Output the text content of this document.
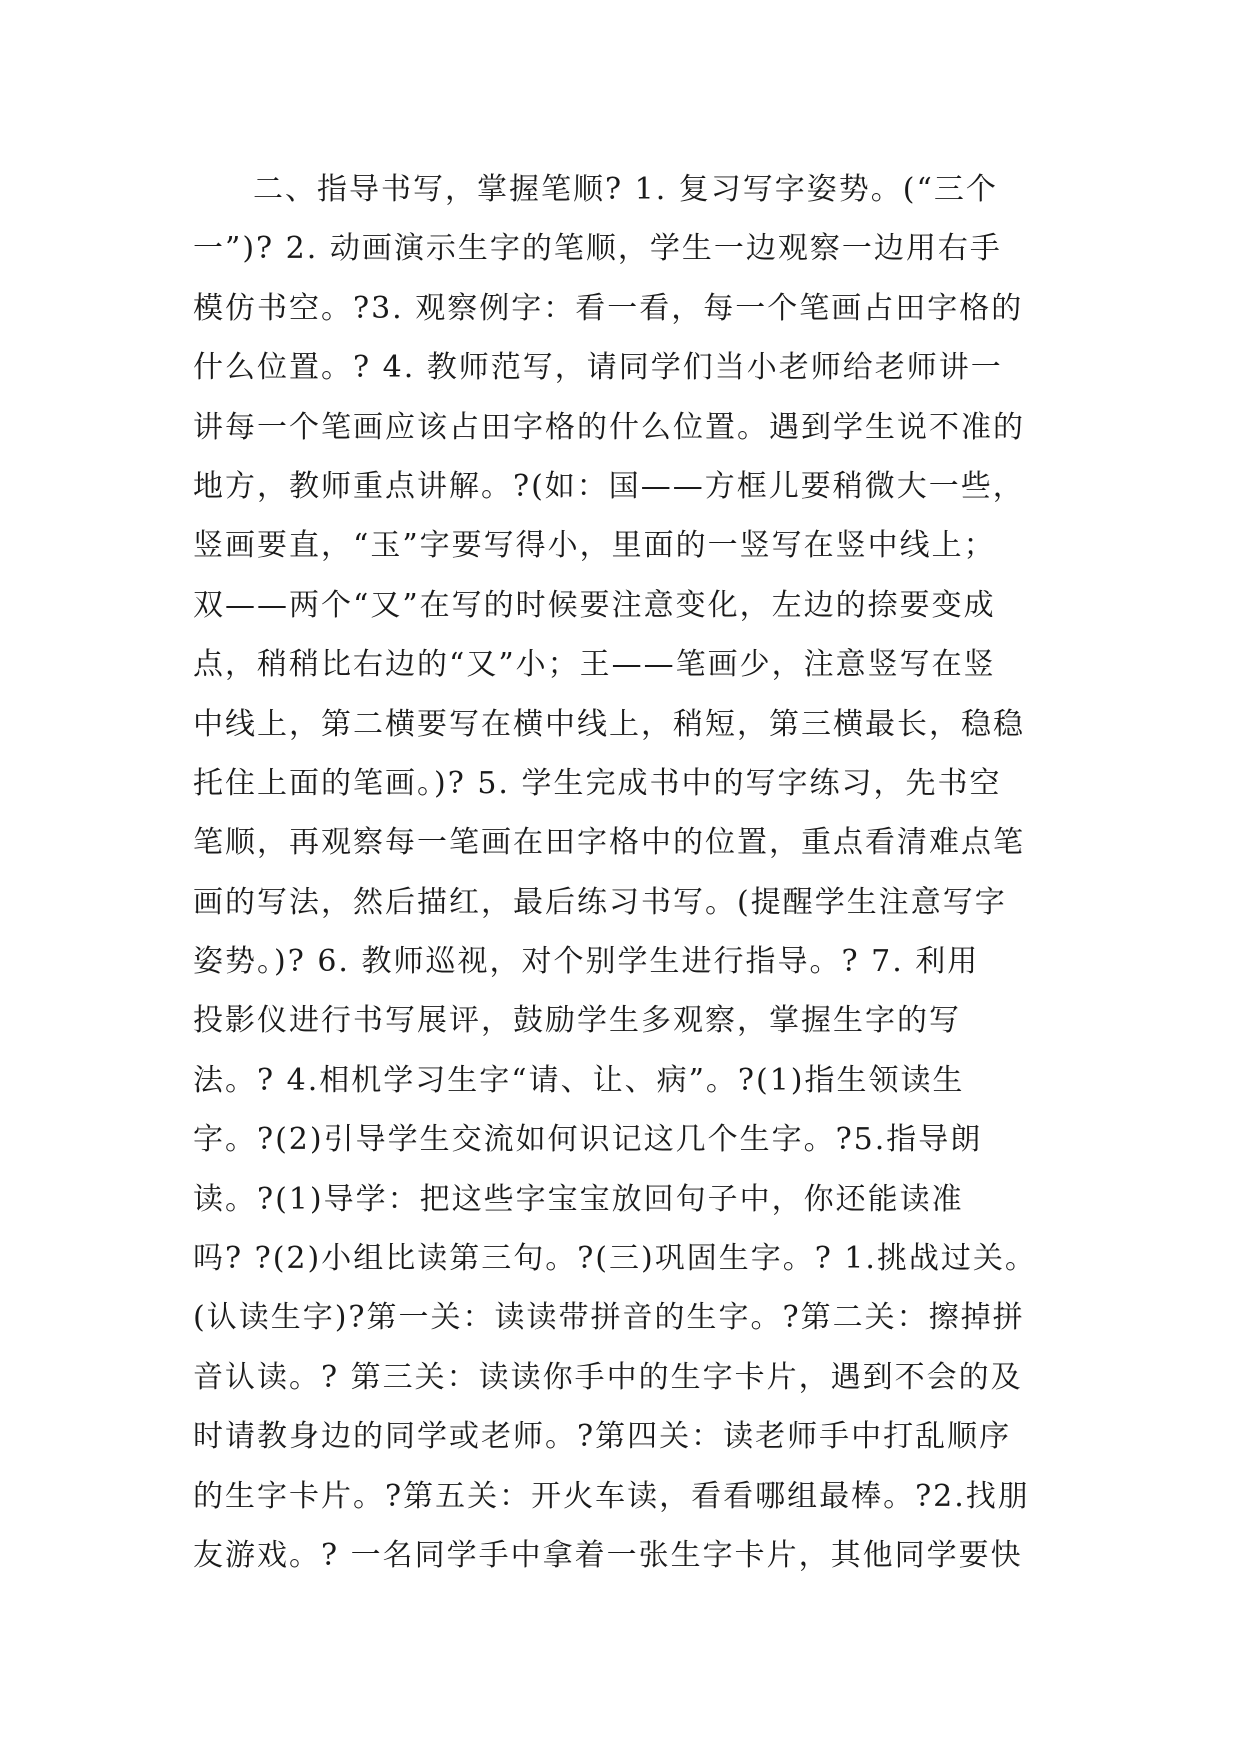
二、指导书写，掌握笔顺? 1. 复习写字姿势。(“三个
一”)? 2. 动画演示生字的笔顺，学生一边观察一边用右手
模仿书空。?3. 观察例字：看一看，每一个笔画占田字格的
什么位置。? 4. 教师范写，请同学们当小老师给老师讲一
讲每一个笔画应该占田字格的什么位置。遇到学生说不准的
地方，教师重点讲解。?(如：国——方框儿要稍微大一些，
竖画要直，“玉”字要写得小，里面的一竖写在竖中线上；
双——两个“又”在写的时候要注意变化，左边的捺要变成
点，稍稍比右边的“又”小；王——笔画少，注意竖写在竖
中线上，第二横要写在横中线上，稍短，第三横最长，稳稳
托住上面的笔画。)? 5. 学生完成书中的写字练习，先书空
笔顺，再观察每一笔画在田字格中的位置，重点看清难点笔
画的写法，然后描红，最后练习书写。(提醒学生注意写字
姿势。)? 6. 教师巡视，对个别学生进行指导。? 7. 利用
投影仪进行书写展评，鼓励学生多观察，掌握生字的写
法。? 4.相机学习生字“请、让、病”。?(1)指生领读生
字。?(2)引导学生交流如何识记这几个生字。?5.指导朗
读。?(1)导学：把这些字宝宝放回句子中，你还能读准
吗? ?(2)小组比读第三句。?(三)巩固生字。? 1.挑战过关。
(认读生字)?第一关：读读带拼音的生字。?第二关：擦掉拼
音认读。? 第三关：读读你手中的生字卡片，遇到不会的及
时请教身边的同学或老师。?第四关：读老师手中打乱顺序
的生字卡片。?第五关：开火车读，看看哪组最棒。?2.找朋
友游戏。? 一名同学手中拿着一张生字卡片，其他同学要快
